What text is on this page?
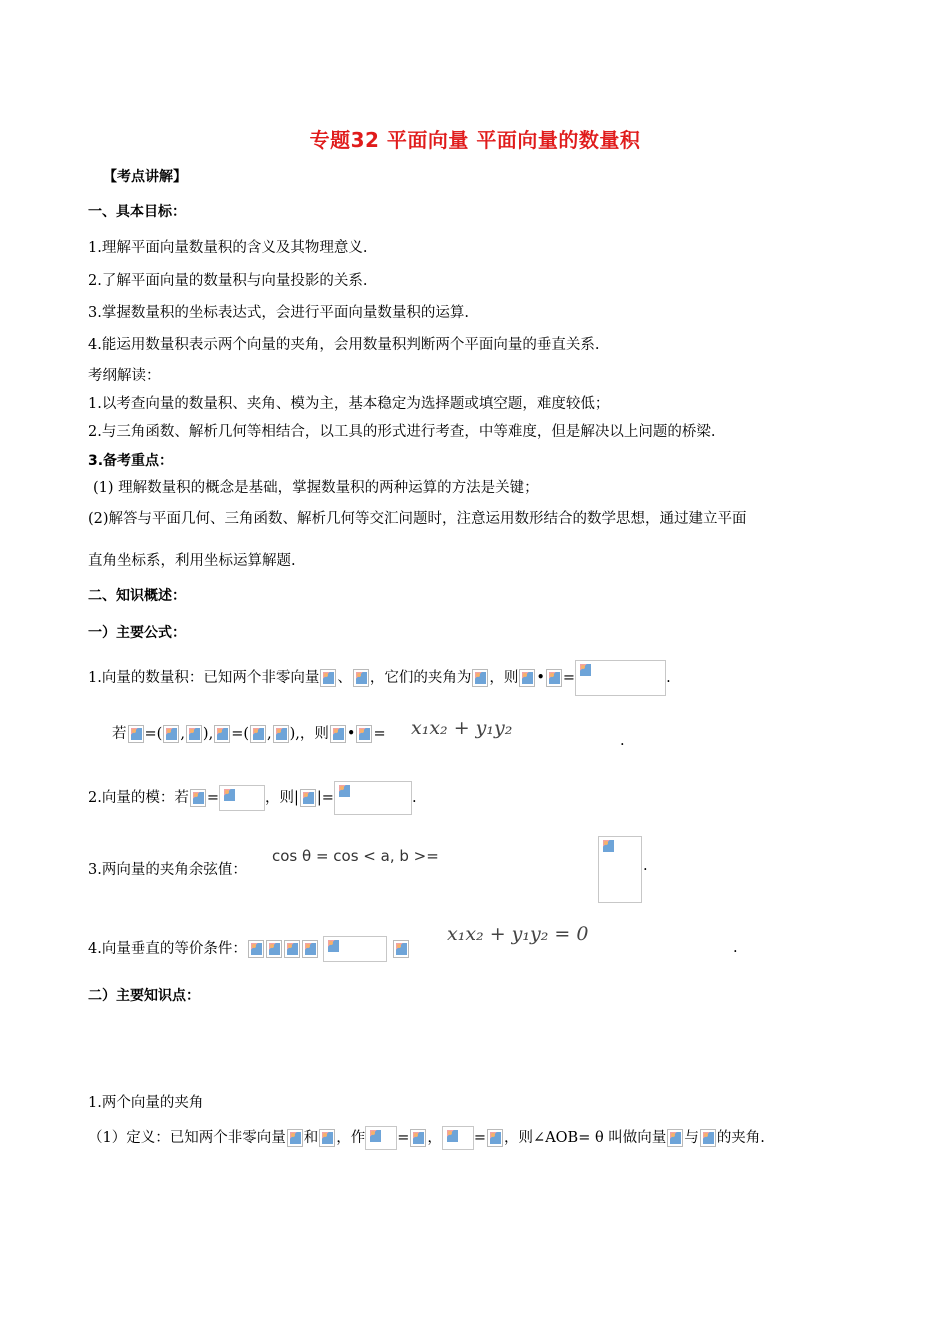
专题32 平面向量 平面向量的数量积
【考点讲解】
一、具本目标：
1.理解平面向量数量积的含义及其物理意义.
2.了解平面向量的数量积与向量投影的关系.
3.掌握数量积的坐标表达式，会进行平面向量数量积的运算.
4.能运用数量积表示两个向量的夹角，会用数量积判断两个平面向量的垂直关系.
考纲解读：
1.以考查向量的数量积、夹角、模为主，基本稳定为选择题或填空题，难度较低；
2.与三角函数、解析几何等相结合，以工具的形式进行考查，中等难度，但是解决以上问题的桥梁.
3.备考重点：
(1) 理解数量积的概念是基础，掌握数量积的两种运算的方法是关键；
(2)解答与平面几何、三角函数、解析几何等交汇问题时，注意运用数形结合的数学思想，通过建立平面
直角坐标系，利用坐标运算解题.
二、知识概述：
一）主要公式：
1.向量的数量积：已知两个非零向量 、 ，它们的夹角为 ，则 • =	.
若 =( , ), =( , ),，则 • = x₁x₂ + y₁y₂
.
2.向量的模：若 =	，则| |=	.
3.两向量的夹角余弦值：
cos θ = cos < a, b >=
.
4.向量垂直的等价条件：

x₁x₂ + y₁y₂ = 0
.
二）主要知识点：
1.两个向量的夹角
（1）定义：已知两个非零向量 和 ，作 = ， = ，则∠AOB= θ 叫做向量 与 的夹角.
